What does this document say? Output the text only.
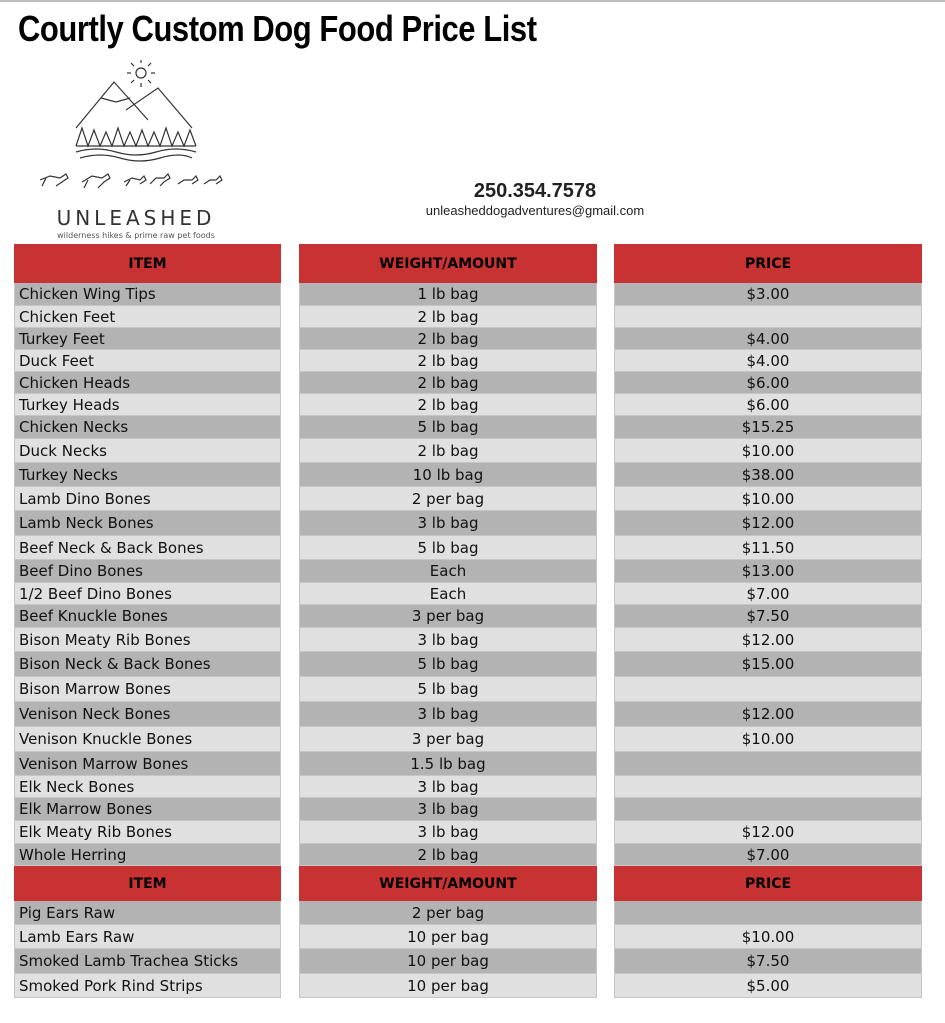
Courtly Custom Dog Food Price List
UNLEASHED
wilderness hikes & prime raw pet foods
250.354.7578
unleasheddogadventures@gmail.com
ITEM
Chicken Wing Tips
Chicken Feet
Turkey Feet
Duck Feet
Chicken Heads
Turkey Heads
Chicken Necks
Duck Necks
Turkey Necks
Lamb Dino Bones
Lamb Neck Bones
Beef Neck & Back Bones
Beef Dino Bones
1/2 Beef Dino Bones
Beef Knuckle Bones
Bison Meaty Rib Bones
Bison Neck & Back Bones
Bison Marrow Bones
Venison Neck Bones
Venison Knuckle Bones
Venison Marrow Bones
Elk Neck Bones
Elk Marrow Bones
Elk Meaty Rib Bones
Whole Herring
ITEM
Pig Ears Raw
Lamb Ears Raw
Smoked Lamb Trachea Sticks
Smoked Pork Rind Strips
WEIGHT/AMOUNT
1 lb bag
2 lb bag
2 lb bag
2 lb bag
2 lb bag
2 lb bag
5 lb bag
2 lb bag
10 lb bag
2 per bag
3 lb bag
5 lb bag
Each
Each
3 per bag
3 lb bag
5 lb bag
5 lb bag
3 lb bag
3 per bag
1.5 lb bag
3 lb bag
3 lb bag
3 lb bag
2 lb bag
WEIGHT/AMOUNT
2 per bag
10 per bag
10 per bag
10 per bag
PRICE
$3.00
$4.00
$4.00
$6.00
$6.00
$15.25
$10.00
$38.00
$10.00
$12.00
$11.50
$13.00
$7.00
$7.50
$12.00
$15.00
$12.00
$10.00
$12.00
$7.00
PRICE
$10.00
$7.50
$5.00
